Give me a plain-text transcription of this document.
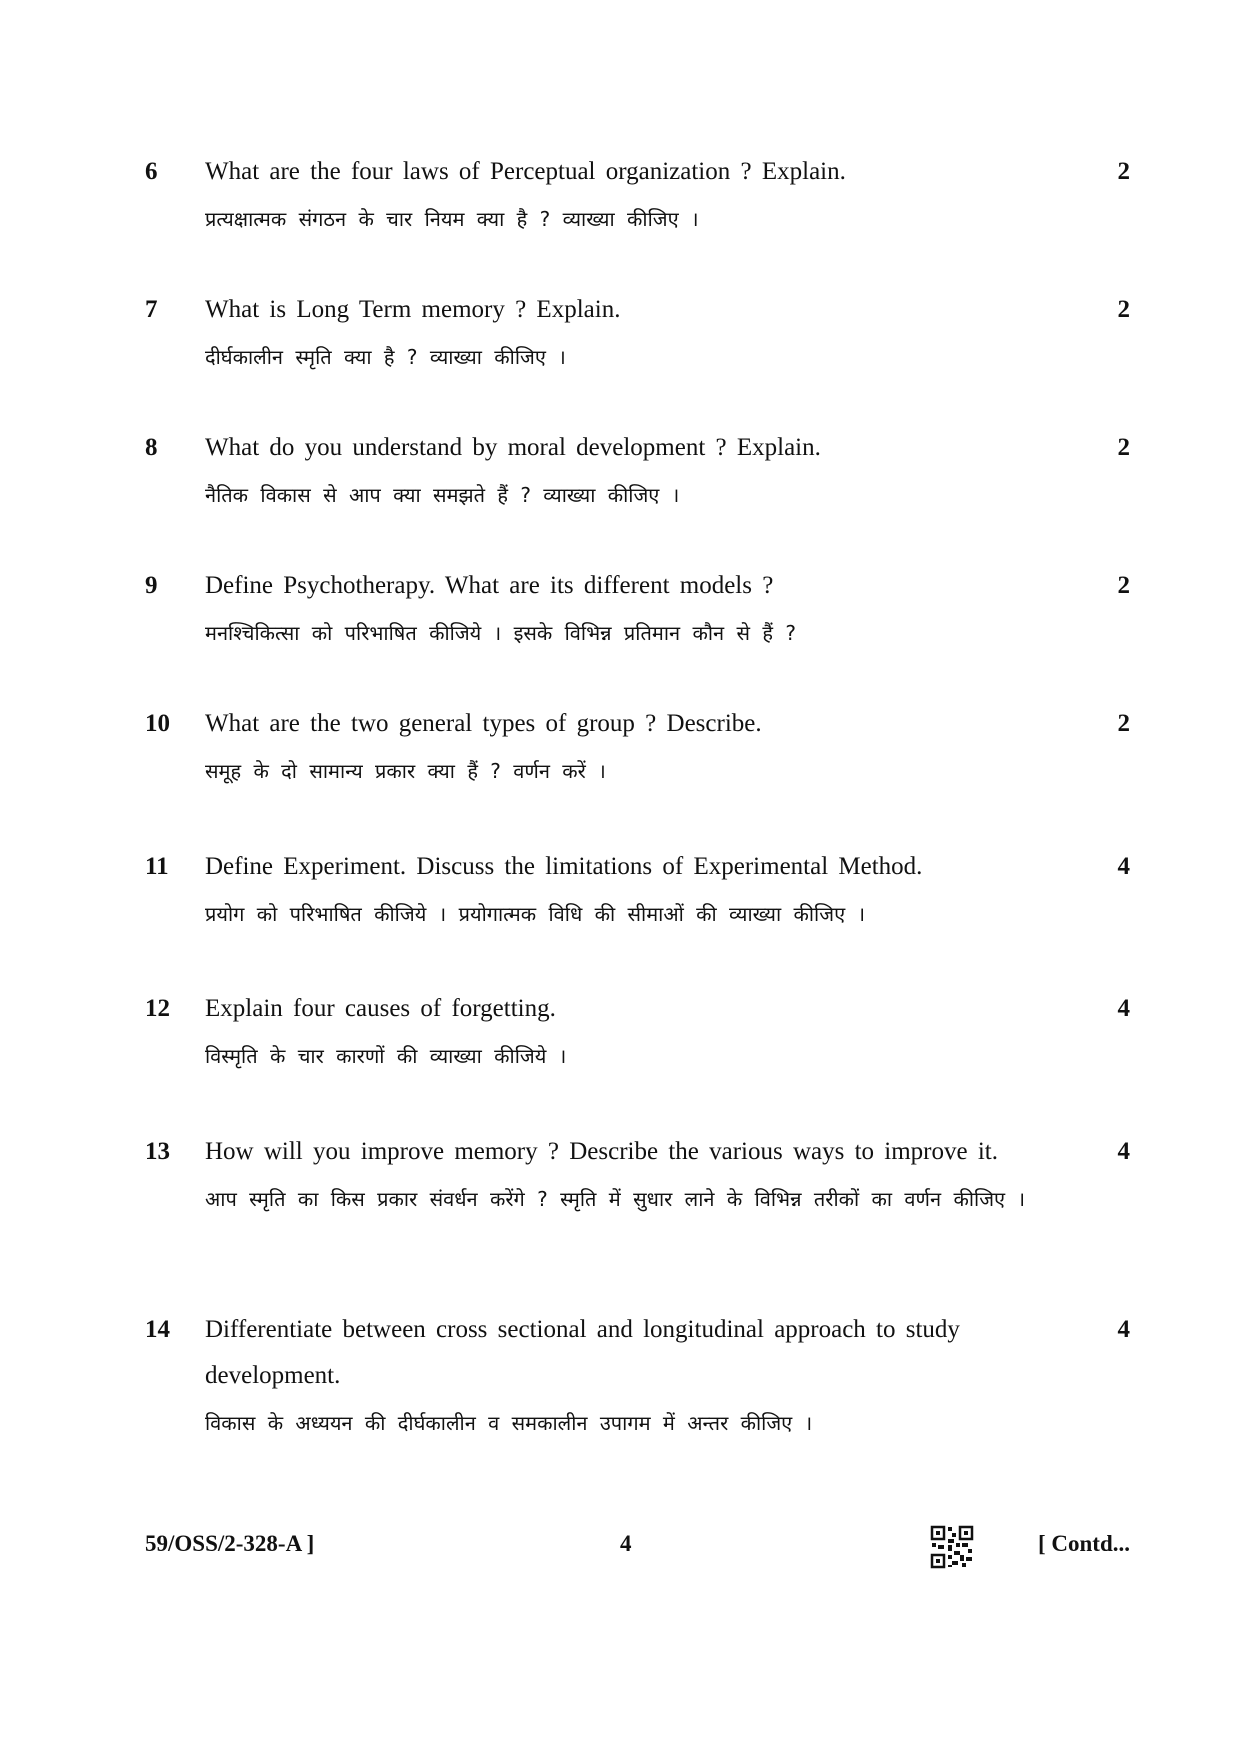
6	What are the four laws of Perceptual organization ? Explain.

प्रत्यक्षात्मक संगठन के चार नियम क्या है ? व्याख्या कीजिए ।

2
7	What is Long Term memory ? Explain.

दीर्घकालीन स्मृति क्या है ? व्याख्या कीजिए ।

2
8	What do you understand by moral development ? Explain.

नैतिक विकास से आप क्या समझते हैं ? व्याख्या कीजिए ।

2
9	Define Psychotherapy. What are its different models ?

मनश्चिकित्सा को परिभाषित कीजिये । इसके विभिन्न प्रतिमान कौन से हैं ?

2
10	What are the two general types of group ? Describe.

समूह के दो सामान्य प्रकार क्या हैं ? वर्णन करें ।

2
11	Define Experiment. Discuss the limitations of Experimental Method.

प्रयोग को परिभाषित कीजिये । प्रयोगात्मक विधि की सीमाओं की व्याख्या कीजिए ।

4
12	Explain four causes of forgetting.

विस्मृति के चार कारणों की व्याख्या कीजिये ।

4
13	How will you improve memory ? Describe the various ways to improve it.

आप स्मृति का किस प्रकार संवर्धन करेंगे ? स्मृति में सुधार लाने के विभिन्न तरीकों का वर्णन कीजिए ।

4
14	Differentiate between cross sectional and longitudinal approach to study development.

विकास के अध्ययन की दीर्घकालीन व समकालीन उपागम में अन्तर कीजिए ।

4
59/OSS/2-328-A ]	4	[ Contd...
